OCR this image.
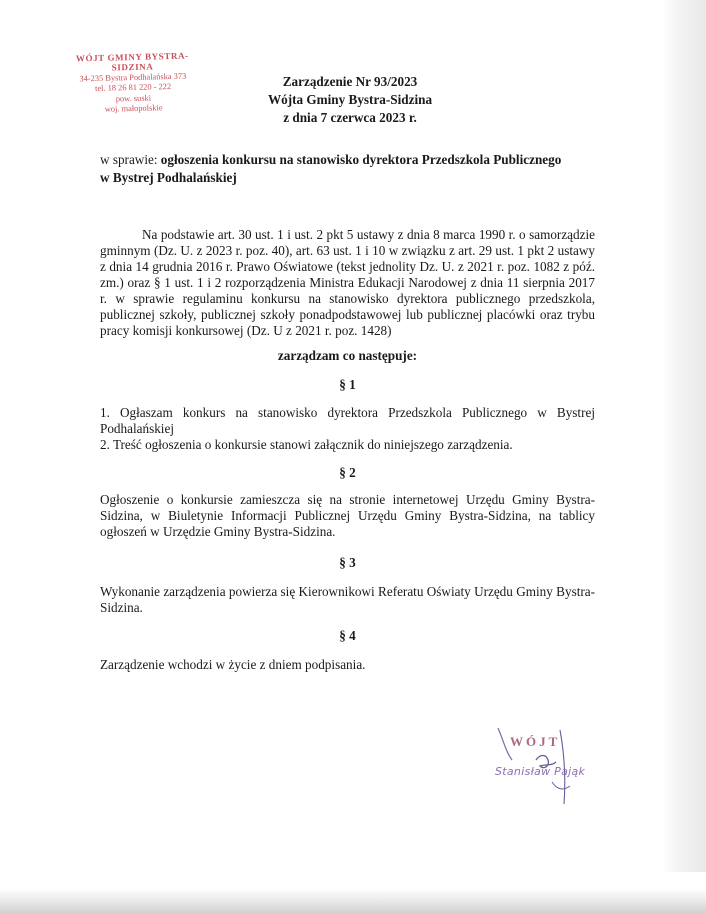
WÓJT GMINY BYSTRA-SIDZINA
34-235 Bystra Podhalańska 373
tel. 18 26 81 220 - 222
pow. suski
woj. małopolskie
Zarządzenie Nr 93/2023
Wójta Gminy Bystra-Sidzina
z dnia 7 czerwca 2023 r.
w sprawie: ogłoszenia konkursu na stanowisko dyrektora Przedszkola Publicznego
w Bystrej Podhalańskiej
Na podstawie art. 30 ust. 1 i ust. 2 pkt 5 ustawy z dnia 8 marca 1990 r. o samorządzie gminnym (Dz. U. z 2023 r. poz. 40), art. 63 ust. 1 i 10 w związku z art. 29 ust. 1 pkt 2 ustawy z dnia 14 grudnia 2016 r. Prawo Oświatowe (tekst jednolity Dz. U. z 2021 r. poz. 1082 z póź. zm.) oraz § 1 ust. 1 i 2 rozporządzenia Ministra Edukacji Narodowej z dnia 11 sierpnia 2017 r. w sprawie regulaminu konkursu na stanowisko dyrektora publicznego przedszkola, publicznej szkoły, publicznej szkoły ponadpodstawowej lub publicznej placówki oraz trybu pracy komisji konkursowej (Dz. U z 2021 r. poz. 1428)
zarządzam co następuje:
§ 1
1. Ogłaszam konkurs na stanowisko dyrektora Przedszkola Publicznego w Bystrej Podhalańskiej
2. Treść ogłoszenia o konkursie stanowi załącznik do niniejszego zarządzenia.
§ 2
Ogłoszenie o konkursie zamieszcza się na stronie internetowej Urzędu Gminy Bystra-Sidzina, w Biuletynie Informacji Publicznej Urzędu Gminy Bystra-Sidzina, na tablicy ogłoszeń w Urzędzie Gminy Bystra-Sidzina.
§ 3
Wykonanie zarządzenia powierza się Kierownikowi Referatu Oświaty Urzędu Gminy Bystra-Sidzina.
§ 4
Zarządzenie wchodzi w życie z dniem podpisania.
WÓJT
Stanisław Pająk
